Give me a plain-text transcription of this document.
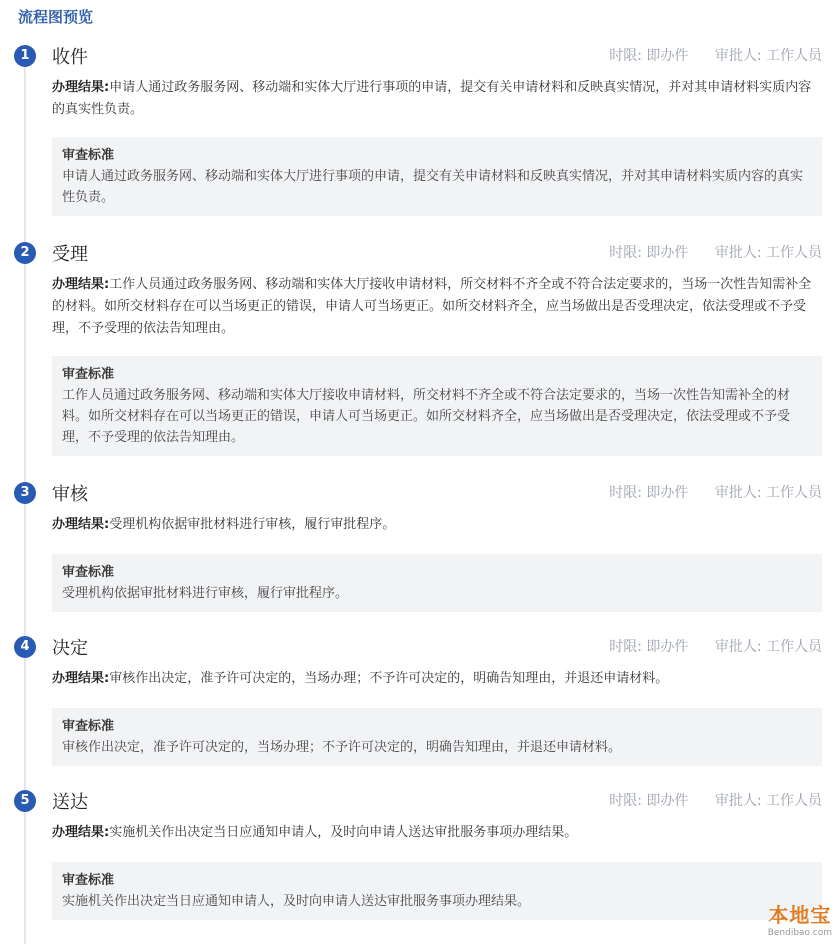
流程图预览
1	收件	时限: 即办件 审批人: 工作人员
办理结果:申请人通过政务服务网、移动端和实体大厅进行事项的申请，提交有关申请材料和反映真实情况，并对其申请材料实质内容的真实性负责。
审查标准
申请人通过政务服务网、移动端和实体大厅进行事项的申请，提交有关申请材料和反映真实情况，并对其申请材料实质内容的真实性负责。
2	受理	时限: 即办件 审批人: 工作人员
办理结果:工作人员通过政务服务网、移动端和实体大厅接收申请材料，所交材料不齐全或不符合法定要求的，当场一次性告知需补全的材料。如所交材料存在可以当场更正的错误，申请人可当场更正。如所交材料齐全，应当场做出是否受理决定，依法受理或不予受理，不予受理的依法告知理由。
审查标准
工作人员通过政务服务网、移动端和实体大厅接收申请材料，所交材料不齐全或不符合法定要求的，当场一次性告知需补全的材料。如所交材料存在可以当场更正的错误，申请人可当场更正。如所交材料齐全，应当场做出是否受理决定，依法受理或不予受理，不予受理的依法告知理由。
3	审核	时限: 即办件 审批人: 工作人员
办理结果:受理机构依据审批材料进行审核，履行审批程序。
审查标准
受理机构依据审批材料进行审核，履行审批程序。
4	决定	时限: 即办件 审批人: 工作人员
办理结果:审核作出决定，准予许可决定的，当场办理；不予许可决定的，明确告知理由，并退还申请材料。
审查标准
审核作出决定，准予许可决定的，当场办理；不予许可决定的，明确告知理由，并退还申请材料。
5	送达	时限: 即办件 审批人: 工作人员
办理结果:实施机关作出决定当日应通知申请人，及时向申请人送达审批服务事项办理结果。
审查标准
实施机关作出决定当日应通知申请人，及时向申请人送达审批服务事项办理结果。
本地宝
Bendibao.com
